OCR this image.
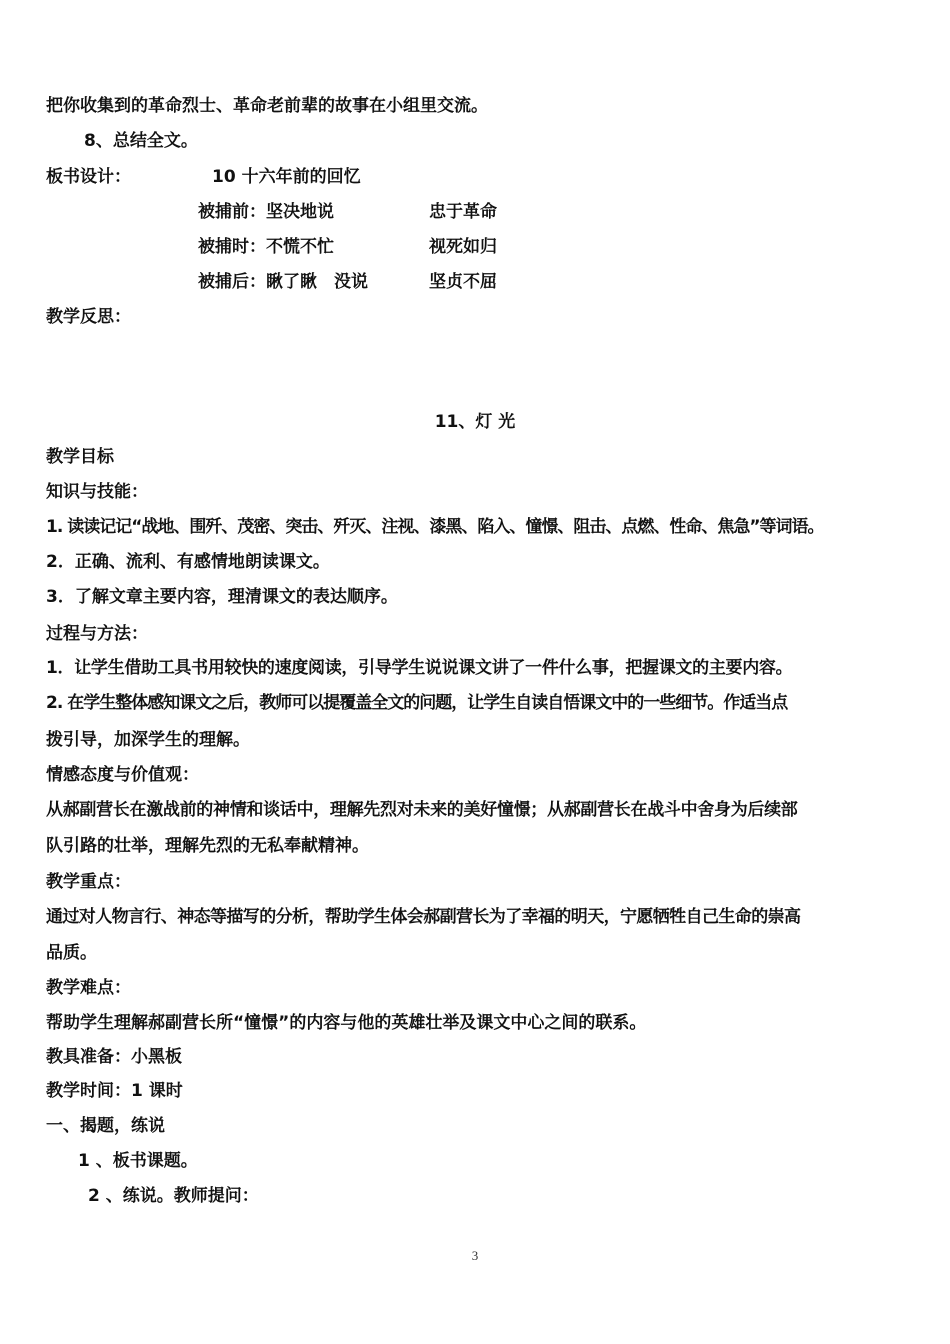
把你收集到的革命烈士、革命老前辈的故事在小组里交流。
8、总结全文。
板书设计：	10 十六年前的回忆
被捕前：坚决地说	忠于革命
被捕时：不慌不忙	视死如归
被捕后：瞅了瞅　没说	坚贞不屈
教学反思：
11、灯 光
教学目标
知识与技能：
1. 读读记记“战地、围歼、茂密、突击、歼灭、注视、漆黑、陷入、憧憬、阻击、点燃、性命、焦急”等词语。
2．正确、流利、有感情地朗读课文。
3．了解文章主要内容，理清课文的表达顺序。
过程与方法：
1．让学生借助工具书用较快的速度阅读，引导学生说说课文讲了一件什么事，把握课文的主要内容。
2. 在学生整体感知课文之后，教师可以提覆盖全文的问题，让学生自读自悟课文中的一些细节。作适当点
拨引导，加深学生的理解。
情感态度与价值观：
从郝副营长在激战前的神情和谈话中，理解先烈对未来的美好憧憬；从郝副营长在战斗中舍身为后续部
队引路的壮举，理解先烈的无私奉献精神。
教学重点：
通过对人物言行、神态等描写的分析，帮助学生体会郝副营长为了幸福的明天，宁愿牺牲自己生命的崇高
品质。
教学难点：
帮助学生理解郝副营长所“憧憬”的内容与他的英雄壮举及课文中心之间的联系。
教具准备：小黑板
教学时间：1 课时
一、揭题，练说
1 、板书课题。
2 、练说。教师提问：
3
